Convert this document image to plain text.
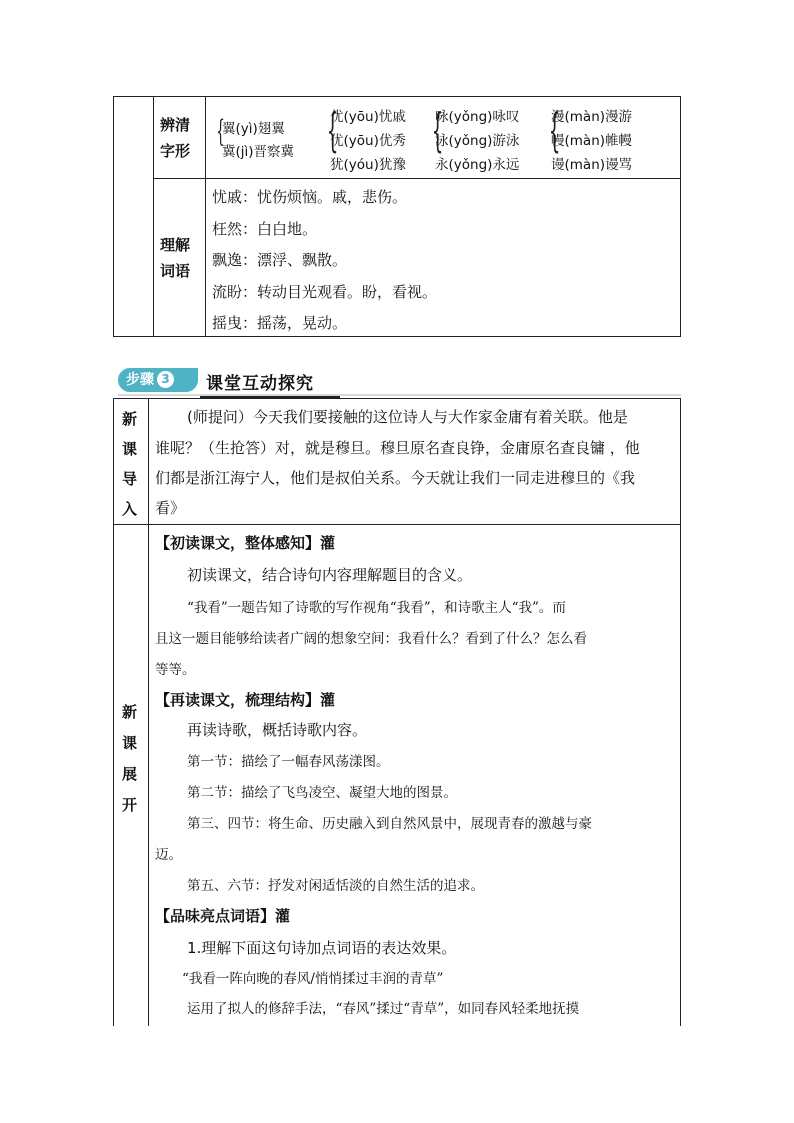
辨清字形
{
翼(yì)翅翼
冀(jì)晋察冀 {
优(yōu)忧戚
优(yōu)优秀
犹(yóu)犹豫
{
咏(yǒng)咏叹
泳(yǒng)游泳
永(yǒng)永远
{
漫(màn)漫游
幔(màn)帷幔
谩(màn)谩骂
理解词语
忧戚：忧伤烦恼。戚，悲伤。
枉然：白白地。
飘逸：漂浮、飘散。
流盼：转动目光观看。盼，看视。
摇曳：摇荡，晃动。
步骤 3	课堂互动探究
新课导入
(师提问）今天我们要接触的这位诗人与大作家金庸有着关联。他是
谁呢？（生抢答）对，就是穆旦。穆旦原名查良铮，金庸原名查良镛 ，他
们都是浙江海宁人，他们是叔伯关系。今天就让我们一同走进穆旦的《我
看》
新课展开
【初读课文，整体感知】灌
初读课文，结合诗句内容理解题目的含义。
“我看”一题告知了诗歌的写作视角“我看”，和诗歌主人“我”。而
且这一题目能够给读者广阔的想象空间：我看什么？看到了什么？怎么看
等等。
【再读课文，梳理结构】灌
再读诗歌，概括诗歌内容。
第一节：描绘了一幅春风荡漾图。
第二节：描绘了飞鸟凌空、凝望大地的图景。
第三、四节：将生命、历史融入到自然风景中，展现青春的激越与豪
迈。
第五、六节：抒发对闲适恬淡的自然生活的追求。
【品味亮点词语】灌
1.理解下面这句诗加点词语的表达效果。
“我看一阵向晚的春风/悄悄揉过丰润的青草”
运用了拟人的修辞手法，“春风”揉过“青草”，如同春风轻柔地抚摸
